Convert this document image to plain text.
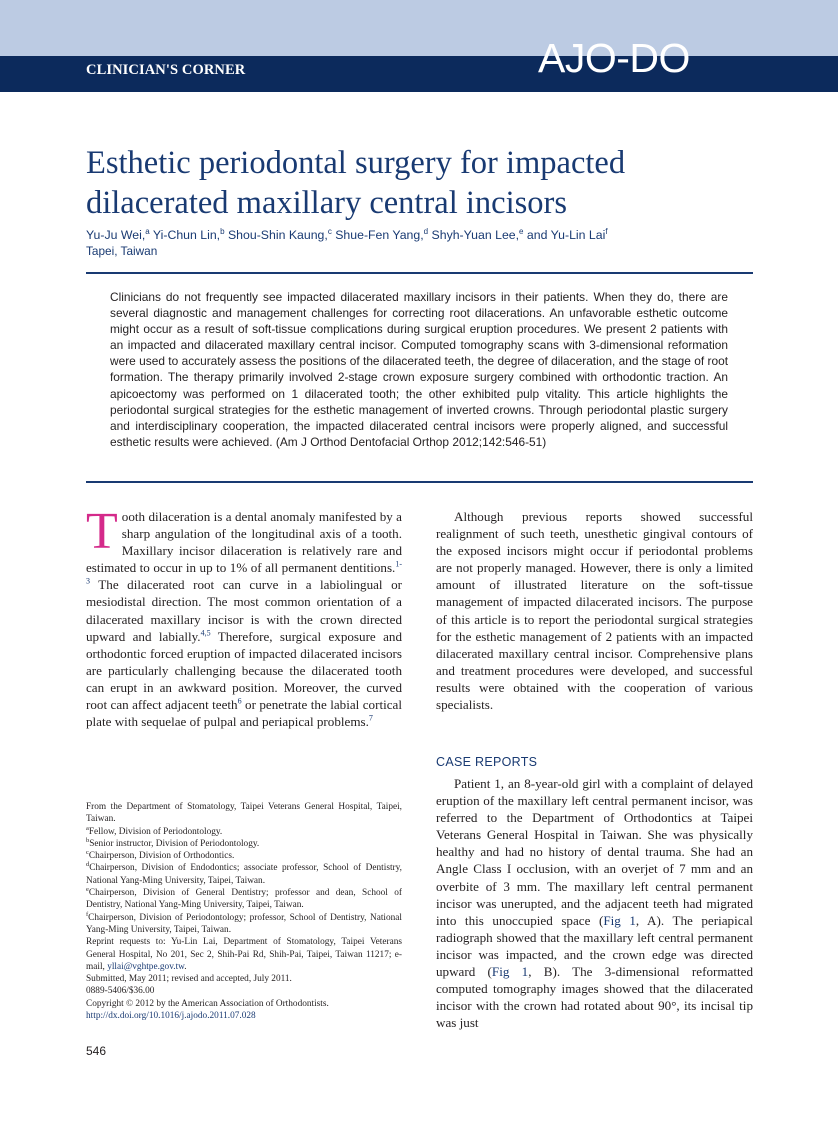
CLINICIAN'S CORNER	AJO-DO
Esthetic periodontal surgery for impacted dilacerated maxillary central incisors
Yu-Ju Wei,$^a$ Yi-Chun Lin,$^b$ Shou-Shin Kaung,$^c$ Shue-Fen Yang,$^d$ Shyh-Yuan Lee,$^e$ and Yu-Lin Lai$^f$
Tapei, Taiwan

Clinicians do not frequently see impacted dilacerated maxillary incisors in their patients. When they do, there are several diagnostic and management challenges for correcting root dilacerations. An unfavorable esthetic outcome might occur as a result of soft-tissue complications during surgical eruption procedures. We present 2 patients with an impacted and dilacerated maxillary central incisor. Computed tomography scans with 3-dimensional reformation were used to accurately assess the positions of the dilacerated teeth, the degree of dilaceration, and the stage of root formation. The therapy primarily involved 2-stage crown exposure surgery combined with orthodontic traction. An apicoectomy was performed on 1 dilacerated tooth; the other exhibited pulp vitality. This article highlights the periodontal surgical strategies for the esthetic management of inverted crowns. Through periodontal plastic surgery and interdisciplinary cooperation, the impacted dilacerated central incisors were properly aligned, and successful esthetic results were achieved. (Am J Orthod Dentofacial Orthop 2012;142:546-51)

Tooth dilaceration is a dental anomaly manifested by a sharp angulation of the longitudinal axis of a tooth. Maxillary incisor dilaceration is relatively rare and estimated to occur in up to 1% of all permanent dentitions.$^{1-3}$ The dilacerated root can curve in a labiolingual or mesiodistal direction. The most common orientation of a dilacerated maxillary incisor is with the crown directed upward and labially.$^{4,5}$ Therefore, surgical exposure and orthodontic forced eruption of impacted dilacerated incisors are particularly challenging because the dilacerated tooth can erupt in an awkward position. Moreover, the curved root can affect adjacent teeth$^6$ or penetrate the labial cortical plate with sequelae of pulpal and periapical problems.$^7$

From the Department of Stomatology, Taipei Veterans General Hospital, Taipei, Taiwan.

$^a$Fellow, Division of Periodontology.

$^b$Senior instructor, Division of Periodontology.

$^c$Chairperson, Division of Orthodontics.

$^d$Chairperson, Division of Endodontics; associate professor, School of Dentistry, National Yang-Ming University, Taipei, Taiwan.

$^e$Chairperson, Division of General Dentistry; professor and dean, School of Dentistry, National Yang-Ming University, Taipei, Taiwan.

$^f$Chairperson, Division of Periodontology; professor, School of Dentistry, National Yang-Ming University, Taipei, Taiwan.

Reprint requests to: Yu-Lin Lai, Department of Stomatology, Taipei Veterans General Hospital, No 201, Sec 2, Shih-Pai Rd, Shih-Pai, Taipei, Taiwan 11217; e-mail, yllai@vghtpe.gov.tw.

Submitted, May 2011; revised and accepted, July 2011.

0889-5406/$36.00

Copyright © 2012 by the American Association of Orthodontists.

http://dx.doi.org/10.1016/j.ajodo.2011.07.028

Although previous reports showed successful realignment of such teeth, unesthetic gingival contours of the exposed incisors might occur if periodontal problems are not properly managed. However, there is only a limited amount of illustrated literature on the soft-tissue management of impacted dilacerated incisors. The purpose of this article is to report the periodontal surgical strategies for the esthetic management of 2 patients with an impacted dilacerated maxillary central incisor. Comprehensive plans and treatment procedures were developed, and successful results were obtained with the cooperation of various specialists.

CASE REPORTS

Patient 1, an 8-year-old girl with a complaint of delayed eruption of the maxillary left central permanent incisor, was referred to the Department of Orthodontics at Taipei Veterans General Hospital in Taiwan. She was physically healthy and had no history of dental trauma. She had an Angle Class I occlusion, with an overjet of 7 mm and an overbite of 3 mm. The maxillary left central permanent incisor was unerupted, and the adjacent teeth had migrated into this unoccupied space (Fig 1, A). The periapical radiograph showed that the maxillary left central permanent incisor was impacted, and the crown edge was directed upward (Fig 1, B). The 3-dimensional reformatted computed tomography images showed that the dilacerated incisor with the crown had rotated about 90°, its incisal tip was just

546
